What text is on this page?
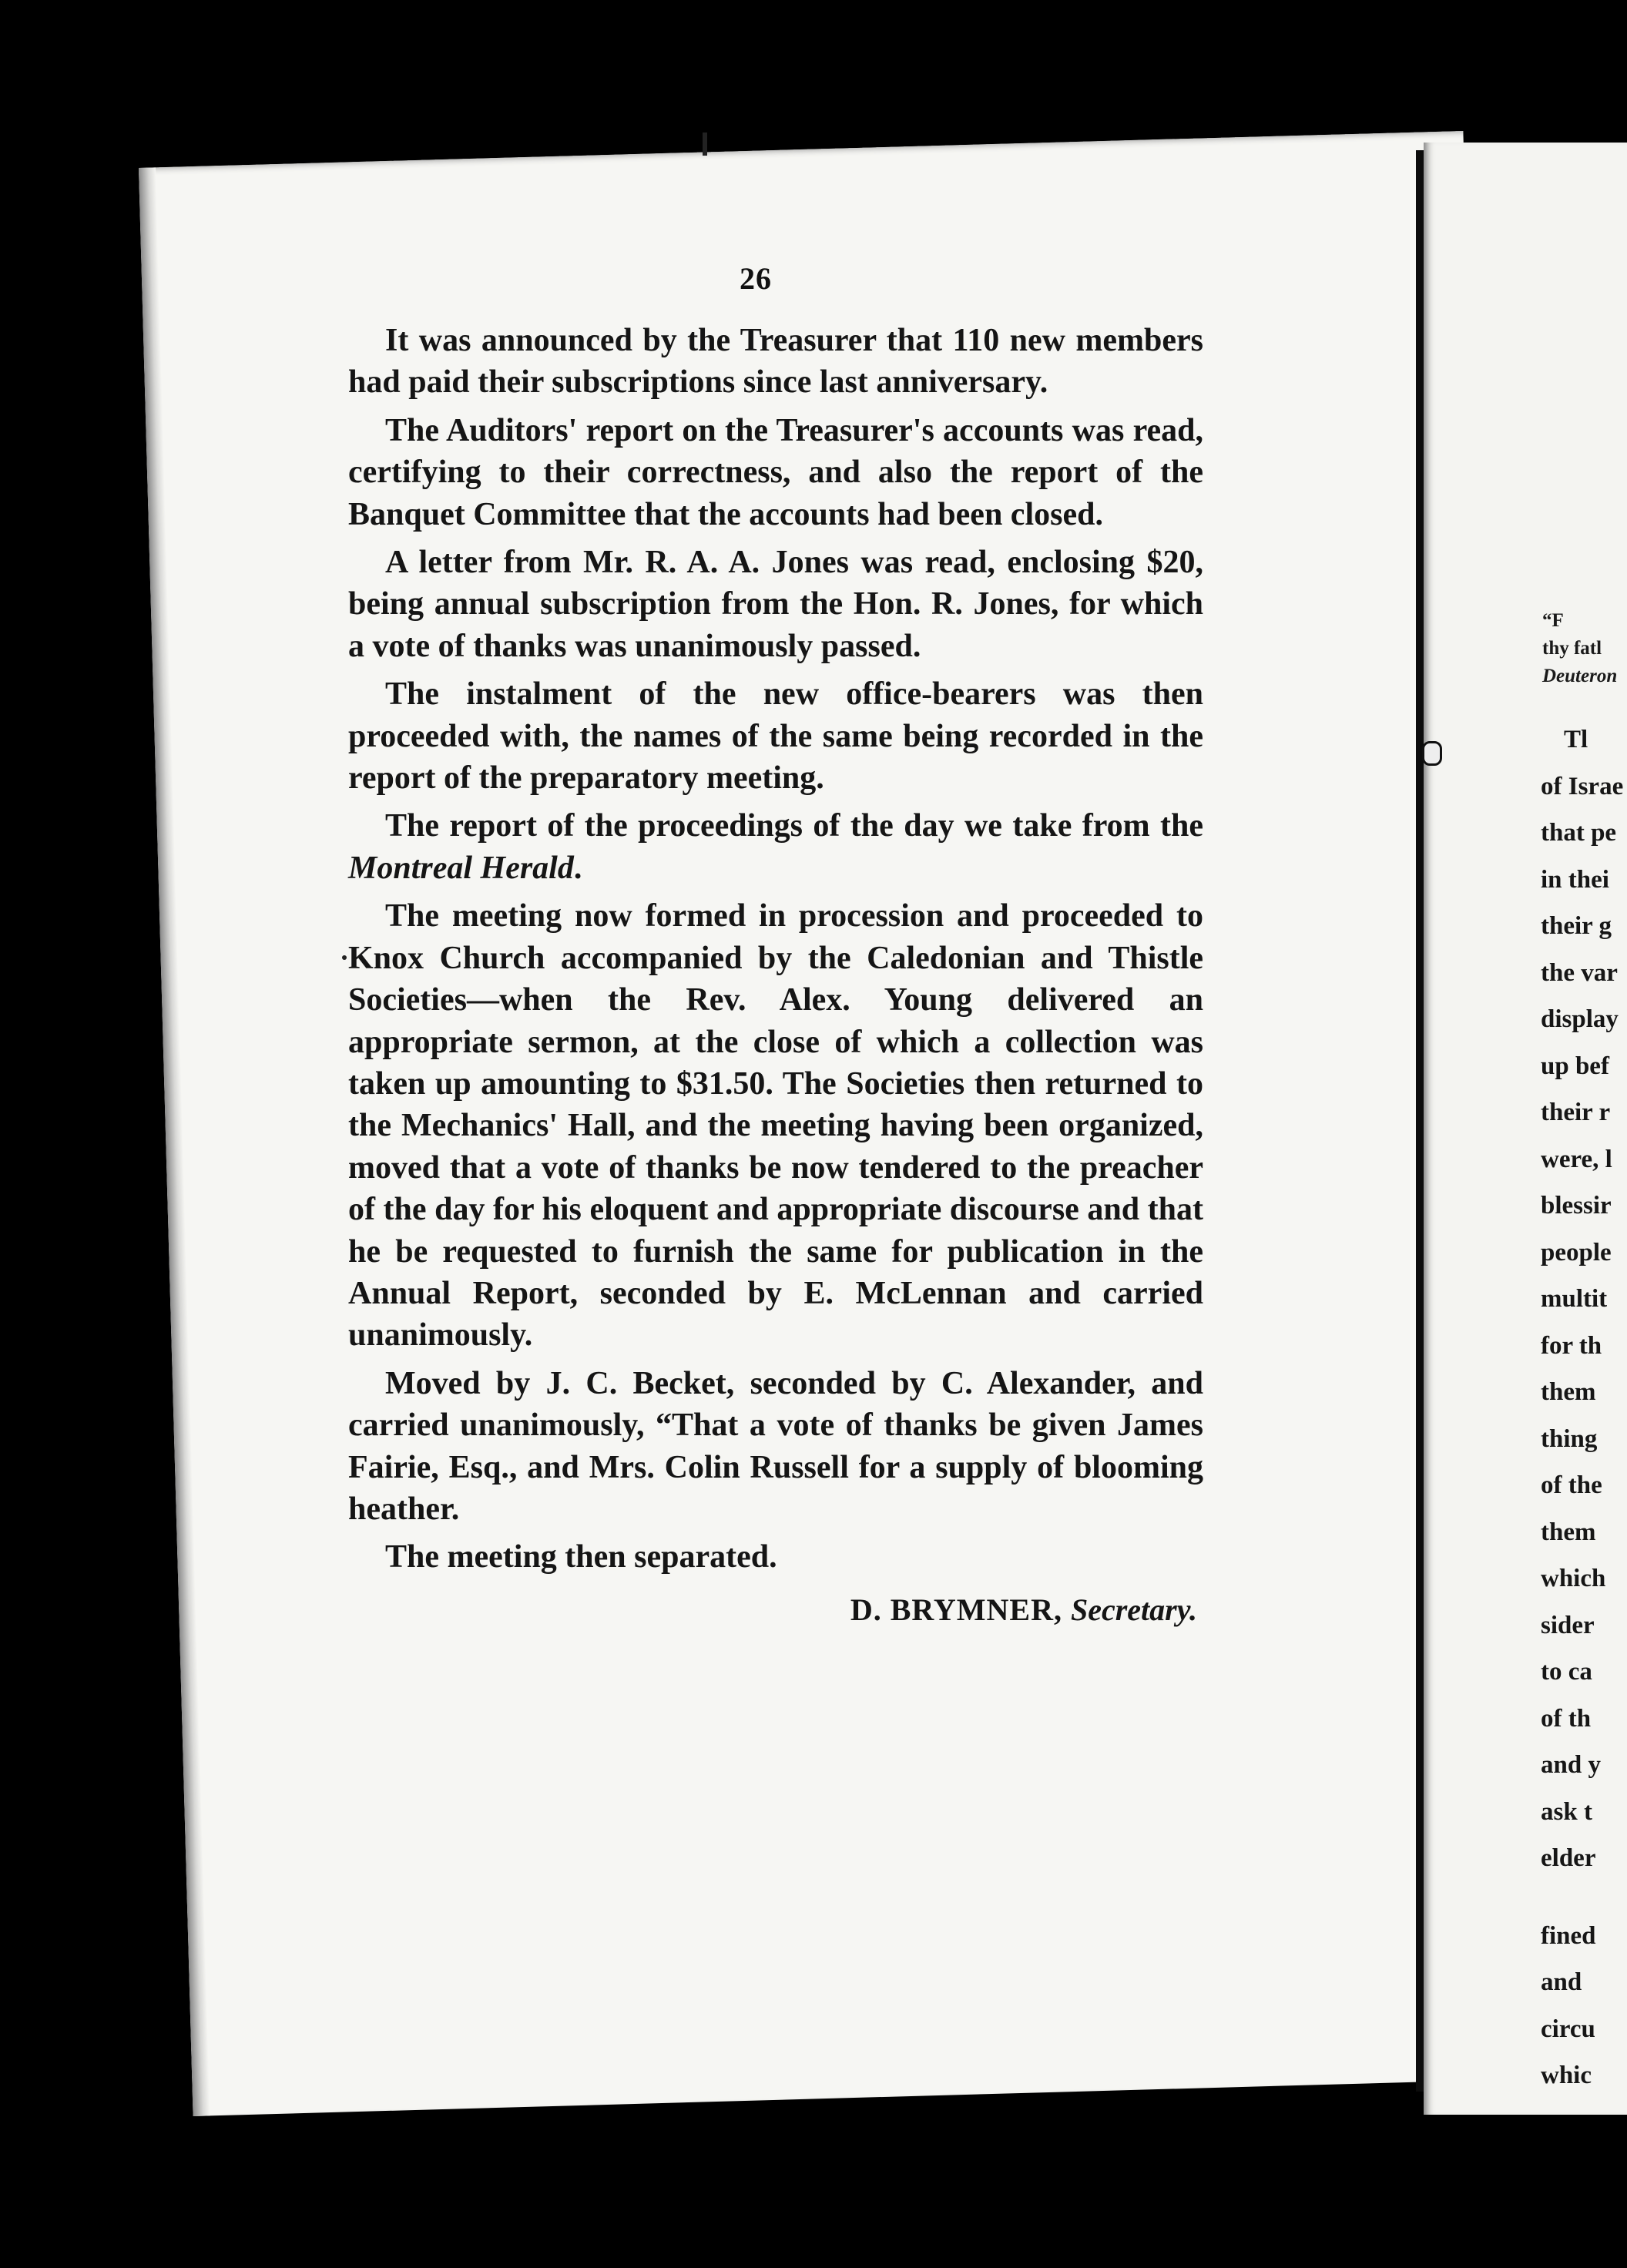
26

It was announced by the Treasurer that 110 new members had paid their subscriptions since last anniversary.

The Auditors' report on the Treasurer's accounts was read, certifying to their correctness, and also the report of the Banquet Committee that the accounts had been closed.

A letter from Mr. R. A. A. Jones was read, enclosing $20, being annual subscription from the Hon. R. Jones, for which a vote of thanks was unanimously passed.

The instalment of the new office-bearers was then proceeded with, the names of the same being recorded in the report of the preparatory meeting.

The report of the proceedings of the day we take from the Montreal Herald.

The meeting now formed in procession and proceeded to Knox Church accompanied by the Caledonian and Thistle Societies—when the Rev. Alex. Young delivered an appropriate sermon, at the close of which a collection was taken up amounting to $31.50. The Societies then returned to the Mechanics' Hall, and the meeting having been organized, moved that a vote of thanks be now tendered to the preacher of the day for his eloquent and appropriate discourse and that he be requested to furnish the same for publication in the Annual Report, seconded by E. McLennan and carried unanimously.

Moved by J. C. Becket, seconded by C. Alexander, and carried unanimously, “That a vote of thanks be given James Fairie, Esq., and Mrs. Colin Russell for a supply of blooming heather.

The meeting then separated.

D. BRYMNER, Secretary.
“F
thy fatl
Deuteron
Tl
of Israe
that pe
in thei
their g
the var
display
up bef
their r
were, l
blessir
people
multit
for th
them
thing
of the
them
which
sider
to ca
of th
and y
ask t
elder
fined
and
circu
whic
